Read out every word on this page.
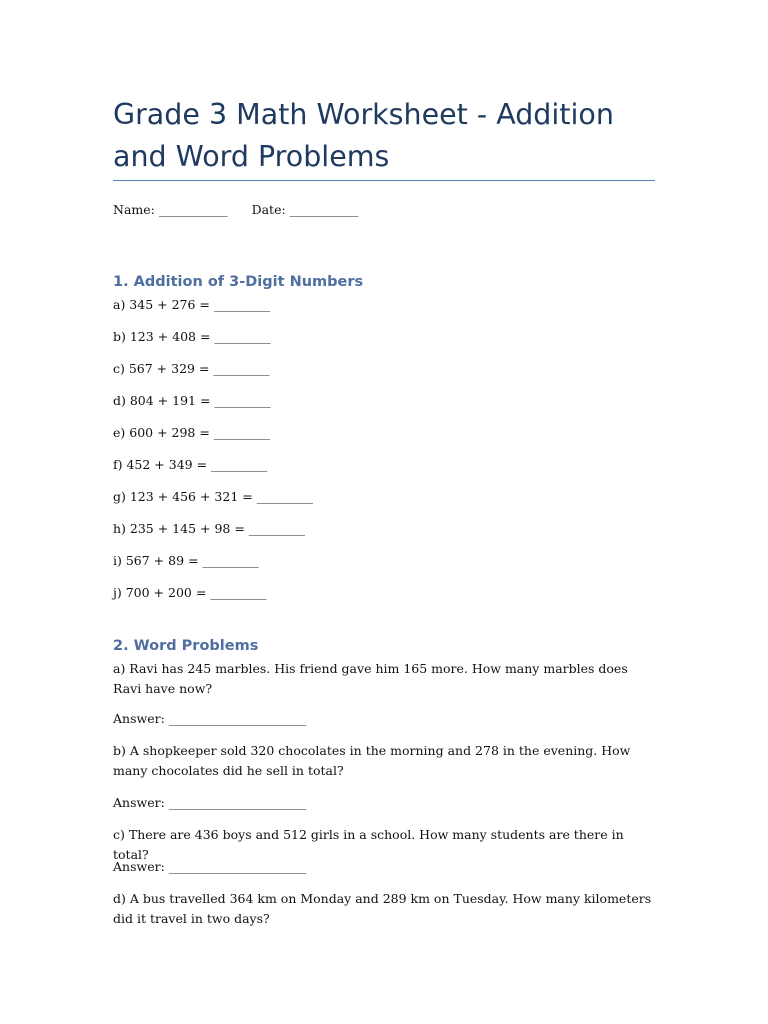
Grade 3 Math Worksheet - Addition and Word Problems
Name: ___________ Date: ___________
1. Addition of 3-Digit Numbers
a) 345 + 276 = _________
b) 123 + 408 = _________
c) 567 + 329 = _________
d) 804 + 191 = _________
e) 600 + 298 = _________
f) 452 + 349 = _________
g) 123 + 456 + 321 = _________
h) 235 + 145 + 98 = _________
i) 567 + 89 = _________
j) 700 + 200 = _________
2. Word Problems
a) Ravi has 245 marbles. His friend gave him 165 more. How many marbles does Ravi have now?
Answer: ______________________
b) A shopkeeper sold 320 chocolates in the morning and 278 in the evening. How many chocolates did he sell in total?
Answer: ______________________
c) There are 436 boys and 512 girls in a school. How many students are there in total?
Answer: ______________________
d) A bus travelled 364 km on Monday and 289 km on Tuesday. How many kilometers did it travel in two days?
